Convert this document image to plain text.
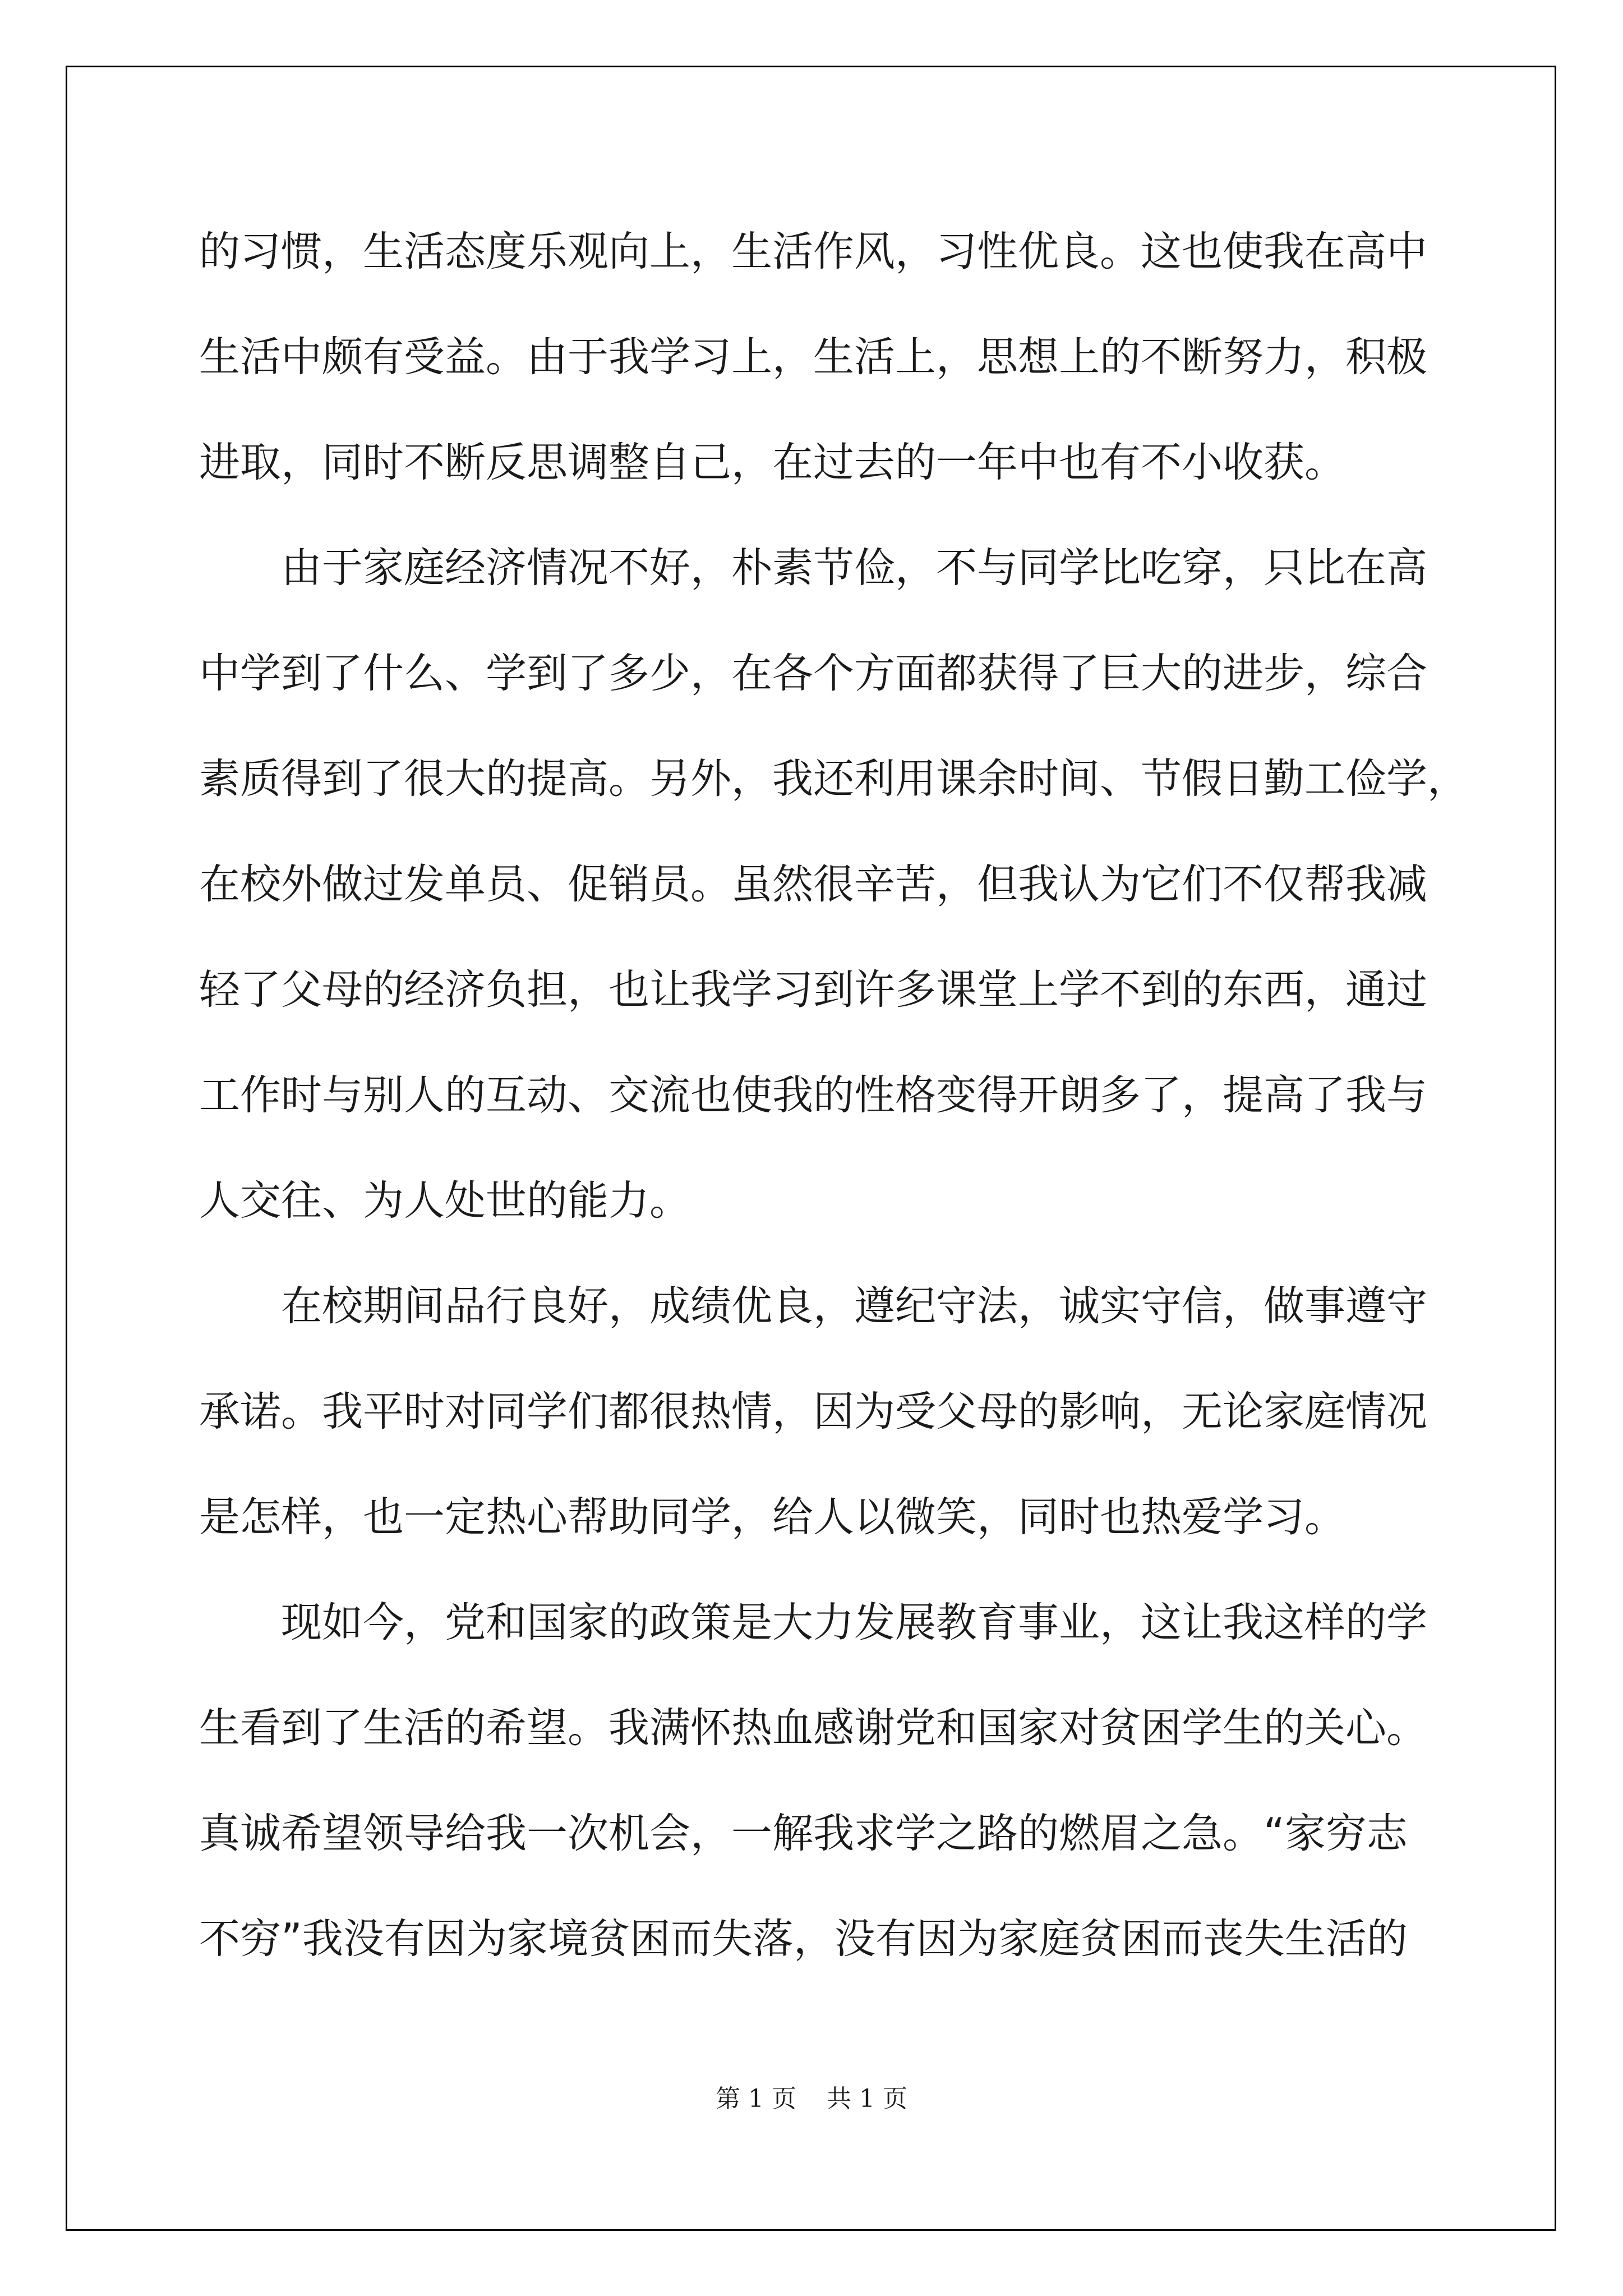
的习惯，生活态度乐观向上，生活作风，习性优良。这也使我在高中
生活中颇有受益。由于我学习上，生活上，思想上的不断努力，积极
进取，同时不断反思调整自己，在过去的一年中也有不小收获。
由于家庭经济情况不好，朴素节俭，不与同学比吃穿，只比在高
中学到了什么、学到了多少，在各个方面都获得了巨大的进步，综合
素质得到了很大的提高。另外，我还利用课余时间、节假日勤工俭学，
在校外做过发单员、促销员。虽然很辛苦，但我认为它们不仅帮我减
轻了父母的经济负担，也让我学习到许多课堂上学不到的东西，通过
工作时与别人的互动、交流也使我的性格变得开朗多了，提高了我与
人交往、为人处世的能力。
在校期间品行良好，成绩优良，遵纪守法，诚实守信，做事遵守
承诺。我平时对同学们都很热情，因为受父母的影响，无论家庭情况
是怎样，也一定热心帮助同学，给人以微笑，同时也热爱学习。
现如今，党和国家的政策是大力发展教育事业，这让我这样的学
生看到了生活的希望。我满怀热血感谢党和国家对贫困学生的关心。
真诚希望领导给我一次机会，一解我求学之路的燃眉之急。“家穷志
不穷”我没有因为家境贫困而失落，没有因为家庭贫困而丧失生活的
第 1 页 共 1 页
